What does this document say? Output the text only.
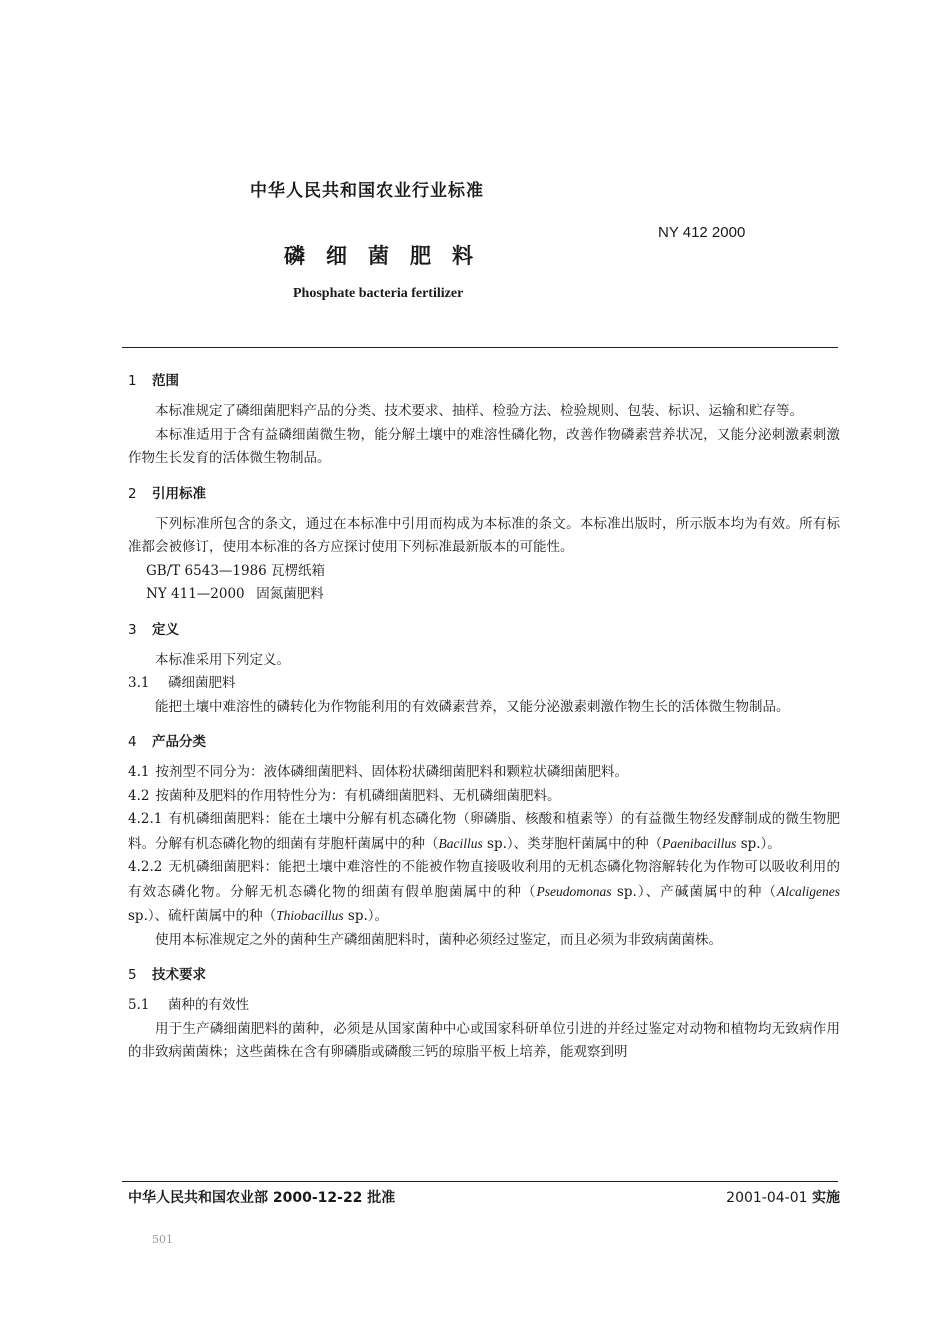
中华人民共和国农业行业标准
NY 412 2000
磷细菌肥料
Phosphate bacteria fertilizer
1 范围

本标准规定了磷细菌肥料产品的分类、技术要求、抽样、检验方法、检验规则、包装、标识、运输和贮存等。

本标准适用于含有益磷细菌微生物，能分解土壤中的难溶性磷化物，改善作物磷素营养状况，又能分泌刺激素刺激作物生长发育的活体微生物制品。

2 引用标准

下列标准所包含的条文，通过在本标准中引用而构成为本标准的条文。本标准出版时，所示版本均为有效。所有标准都会被修订，使用本标准的各方应探讨使用下列标准最新版本的可能性。

GB/T 6543—1986 瓦楞纸箱

NY 411—2000 固氮菌肥料

3 定义

本标准采用下列定义。

3.1 磷细菌肥料

能把土壤中难溶性的磷转化为作物能利用的有效磷素营养，又能分泌激素刺激作物生长的活体微生物制品。

4 产品分类

4.1 按剂型不同分为：液体磷细菌肥料、固体粉状磷细菌肥料和颗粒状磷细菌肥料。

4.2 按菌种及肥料的作用特性分为：有机磷细菌肥料、无机磷细菌肥料。

4.2.1 有机磷细菌肥料：能在土壤中分解有机态磷化物（卵磷脂、核酸和植素等）的有益微生物经发酵制成的微生物肥料。分解有机态磷化物的细菌有芽胞杆菌属中的种（Bacillus sp.）、类芽胞杆菌属中的种（Paenibacillus sp.）。

4.2.2 无机磷细菌肥料：能把土壤中难溶性的不能被作物直接吸收利用的无机态磷化物溶解转化为作物可以吸收利用的有效态磷化物。分解无机态磷化物的细菌有假单胞菌属中的种（Pseudomonas sp.）、产碱菌属中的种（Alcaligenes sp.）、硫杆菌属中的种（Thiobacillus sp.）。

使用本标准规定之外的菌种生产磷细菌肥料时，菌种必须经过鉴定，而且必须为非致病菌菌株。

5 技术要求

5.1 菌种的有效性

用于生产磷细菌肥料的菌种，必须是从国家菌种中心或国家科研单位引进的并经过鉴定对动物和植物均无致病作用的非致病菌菌株；这些菌株在含有卵磷脂或磷酸三钙的琼脂平板上培养，能观察到明

中华人民共和国农业部 2000-12-22 批准	2001-04-01 实施
501
